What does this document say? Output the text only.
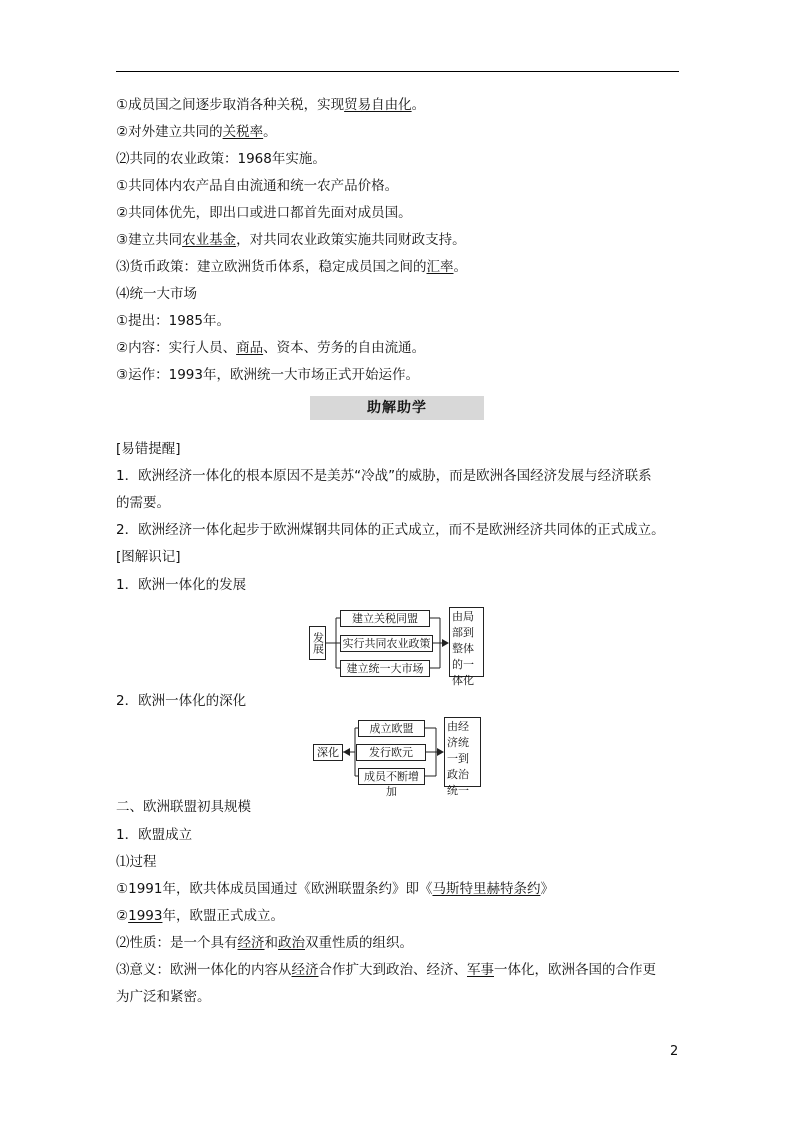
①成员国之间逐步取消各种关税，实现贸易自由化。
②对外建立共同的关税率。
⑵共同的农业政策：1968年实施。
①共同体内农产品自由流通和统一农产品价格。
②共同体优先，即出口或进口都首先面对成员国。
③建立共同农业基金，对共同农业政策实施共同财政支持。
⑶货币政策：建立欧洲货币体系，稳定成员国之间的汇率。
⑷统一大市场
①提出：1985年。
②内容：实行人员、商品、资本、劳务的自由流通。
③运作：1993年，欧洲统一大市场正式开始运作。
助解助学
[易错提醒]
1．欧洲经济一体化的根本原因不是美苏“冷战”的威胁，而是欧洲各国经济发展与经济联系
的需要。
2．欧洲经济一体化起步于欧洲煤钢共同体的正式成立，而不是欧洲经济共同体的正式成立。
[图解识记]
1．欧洲一体化的发展
发展
建立关税同盟
实行共同农业政策
建立统一大市场
由局部到整体的一体化
2．欧洲一体化的深化
深化
成立欧盟
发行欧元
成员不断增加
由经济统一到政治统一
二、欧洲联盟初具规模
1．欧盟成立
⑴过程
①1991年，欧共体成员国通过《欧洲联盟条约》即《马斯特里赫特条约》
②1993年，欧盟正式成立。
⑵性质：是一个具有经济和政治双重性质的组织。
⑶意义：欧洲一体化的内容从经济合作扩大到政治、经济、军事一体化，欧洲各国的合作更
为广泛和紧密。
2
